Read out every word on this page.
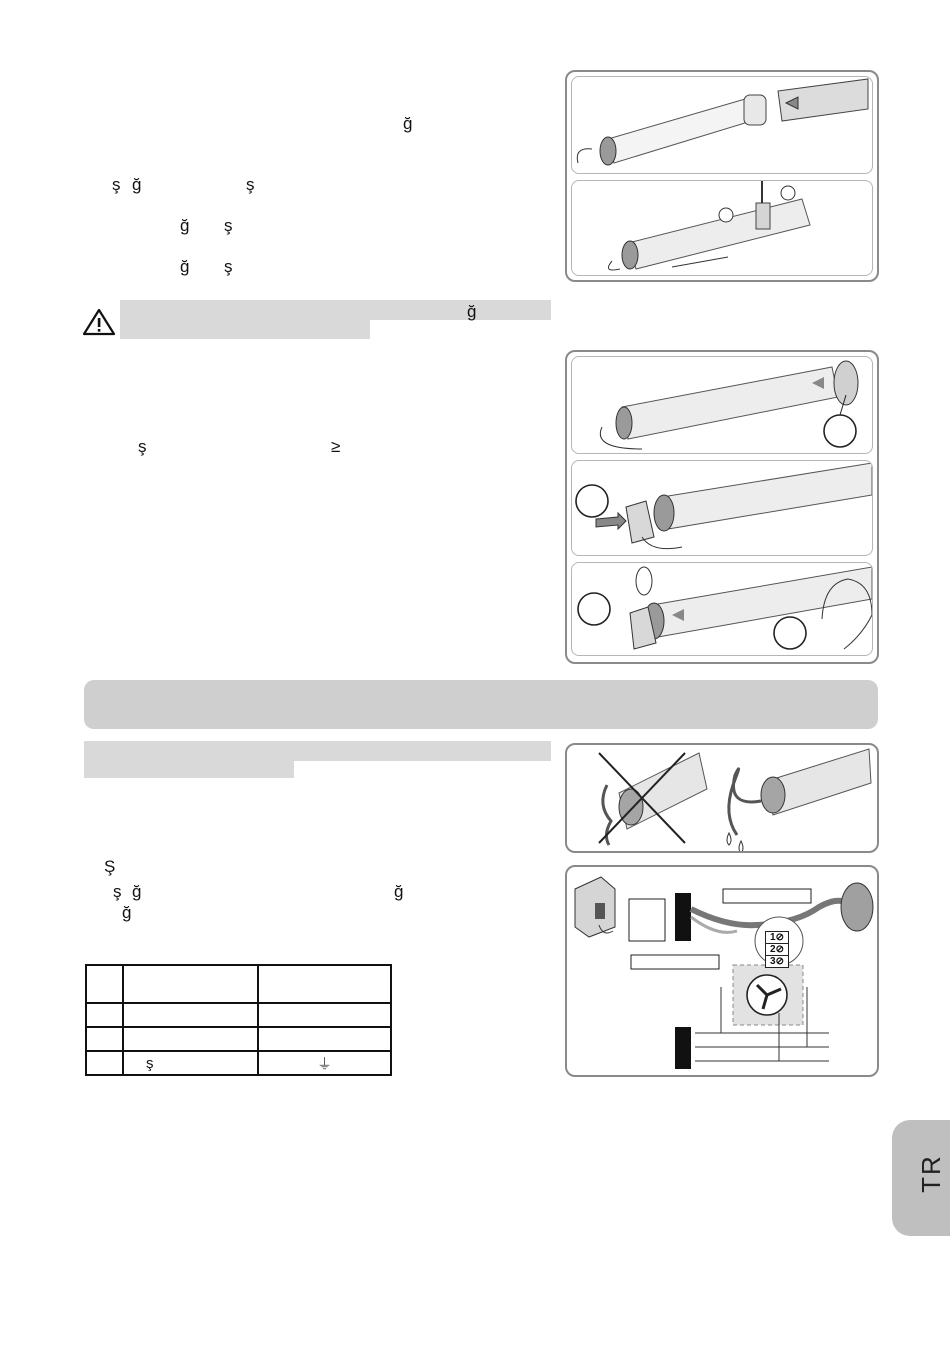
ğ
ş ğ	ş
ğ ş
ğ ş
ğ
ş	≥
Ş
ş ğ	ğ
ğ

	ş	⏚
1⊘
2⊘
3⊘
TR
